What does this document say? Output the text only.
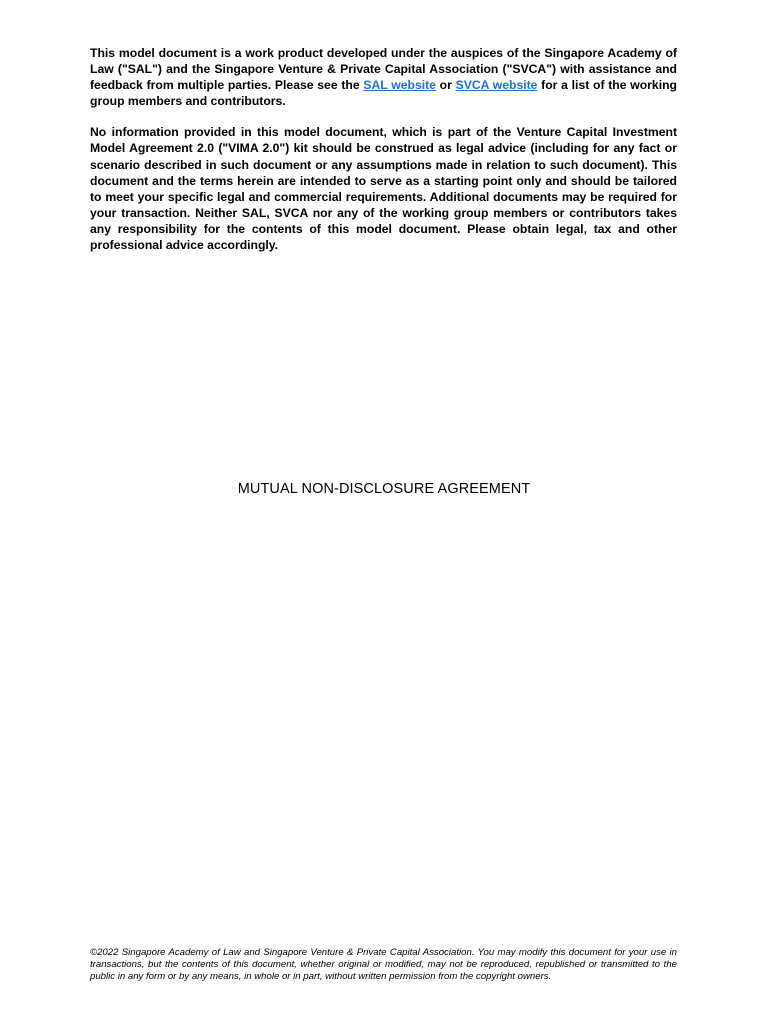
This model document is a work product developed under the auspices of the Singapore Academy of Law ("SAL") and the Singapore Venture & Private Capital Association ("SVCA") with assistance and feedback from multiple parties. Please see the SAL website or SVCA website for a list of the working group members and contributors.

No information provided in this model document, which is part of the Venture Capital Investment Model Agreement 2.0 ("VIMA 2.0") kit should be construed as legal advice (including for any fact or scenario described in such document or any assumptions made in relation to such document). This document and the terms herein are intended to serve as a starting point only and should be tailored to meet your specific legal and commercial requirements. Additional documents may be required for your transaction. Neither SAL, SVCA nor any of the working group members or contributors takes any responsibility for the contents of this model document. Please obtain legal, tax and other professional advice accordingly.

MUTUAL NON-DISCLOSURE AGREEMENT

©2022 Singapore Academy of Law and Singapore Venture & Private Capital Association. You may modify this document for your use in transactions, but the contents of this document, whether original or modified, may not be reproduced, republished or transmitted to the public in any form or by any means, in whole or in part, without written permission from the copyright owners.
